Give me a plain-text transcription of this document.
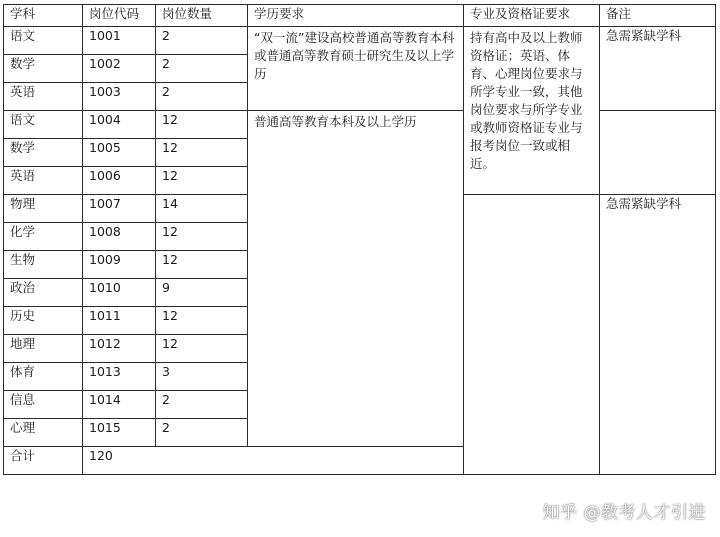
学科	岗位代码	岗位数量	学历要求	专业及资格证要求	备注
语文	1001	2	“双一流”建设高校普通高等教育本科或普通高等教育硕士研究生及以上学历	持有高中及以上教师资格证；英语、体育、心理岗位要求与所学专业一致，其他岗位要求与所学专业或教师资格证专业与报考岗位一致或相近。	急需紧缺学科
数学	1002	2			
英语	1003	2			
语文	1004	12	普通高等教育本科及以上学历		
数学	1005	12			
英语	1006	12			
物理	1007	14			急需紧缺学科
化学	1008	12			
生物	1009	12			
政治	1010	9			
历史	1011	12			
地理	1012	12			
体育	1013	3			
信息	1014	2			
心理	1015	2			
合计	120				
知乎 @教考人才引进
